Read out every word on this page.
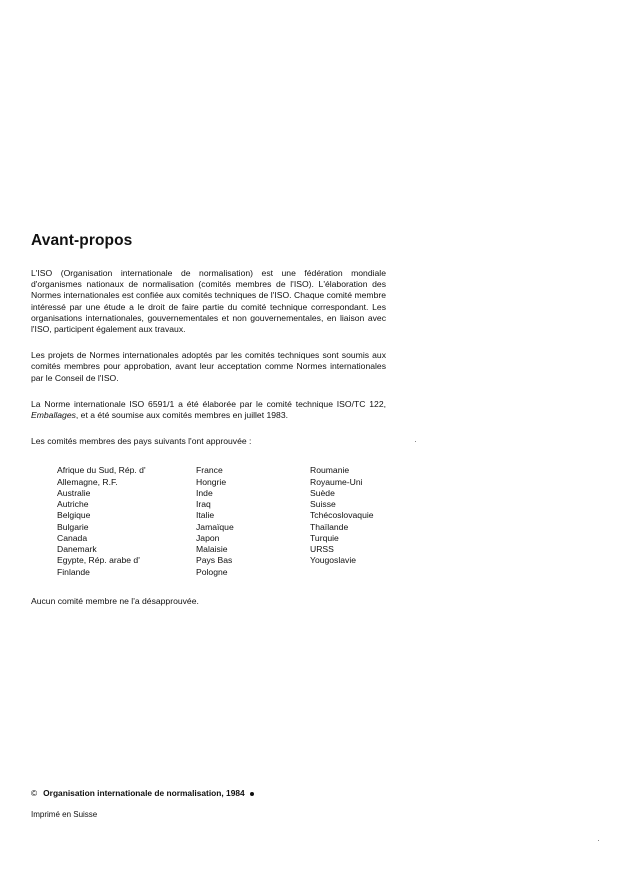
Avant-propos

L'ISO (Organisation internationale de normalisation) est une fédération mondiale d'organismes nationaux de normalisation (comités membres de l'ISO). L'élaboration des Normes internationales est confiée aux comités techniques de l'ISO. Chaque comité membre intéressé par une étude a le droit de faire partie du comité technique correspondant. Les organisations internationales, gouvernementales et non gouvernementales, en liaison avec l'ISO, participent également aux travaux.

Les projets de Normes internationales adoptés par les comités techniques sont soumis aux comités membres pour approbation, avant leur acceptation comme Normes internationales par le Conseil de l'ISO.

La Norme internationale ISO 6591/1 a été élaborée par le comité technique ISO/TC 122, Emballages, et a été soumise aux comités membres en juillet 1983.

Les comités membres des pays suivants l'ont approuvée :

Afrique du Sud, Rép. d'
Allemagne, R.F.
Australie
Autriche
Belgique
Bulgarie
Canada
Danemark
Egypte, Rép. arabe d'
Finlande
France
Hongrie
Inde
Iraq
Italie
Jamaïque
Japon
Malaisie
Pays Bas
Pologne
Roumanie
Royaume-Uni
Suède
Suisse
Tchécoslovaquie
Thaïlande
Turquie
URSS
Yougoslavie

Aucun comité membre ne l'a désapprouvée.

© Organisation internationale de normalisation, 1984
Imprimé en Suisse
